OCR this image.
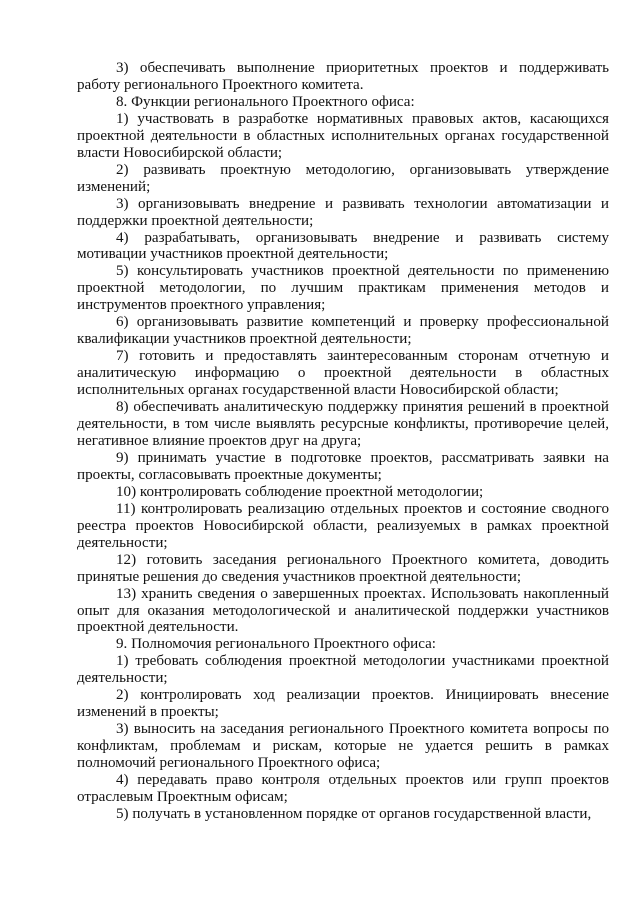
3) обеспечивать выполнение приоритетных проектов и поддерживать работу регионального Проектного комитета.

8. Функции регионального Проектного офиса:

1) участвовать в разработке нормативных правовых актов, касающихся проектной деятельности в областных исполнительных органах государственной власти Новосибирской области;

2) развивать проектную методологию, организовывать утверждение изменений;

3) организовывать внедрение и развивать технологии автоматизации и поддержки проектной деятельности;

4) разрабатывать, организовывать внедрение и развивать систему мотивации участников проектной деятельности;

5) консультировать участников проектной деятельности по применению проектной методологии, по лучшим практикам применения методов и инструментов проектного управления;

6) организовывать развитие компетенций и проверку профессиональной квалификации участников проектной деятельности;

7) готовить и предоставлять заинтересованным сторонам отчетную и аналитическую информацию о проектной деятельности в областных исполнительных органах государственной власти Новосибирской области;

8) обеспечивать аналитическую поддержку принятия решений в проектной деятельности, в том числе выявлять ресурсные конфликты, противоречие целей, негативное влияние проектов друг на друга;

9) принимать участие в подготовке проектов, рассматривать заявки на проекты, согласовывать проектные документы;

10) контролировать соблюдение проектной методологии;

11) контролировать реализацию отдельных проектов и состояние сводного реестра проектов Новосибирской области, реализуемых в рамках проектной деятельности;

12) готовить заседания регионального Проектного комитета, доводить принятые решения до сведения участников проектной деятельности;

13) хранить сведения о завершенных проектах. Использовать накопленный опыт для оказания методологической и аналитической поддержки участников проектной деятельности.

9. Полномочия регионального Проектного офиса:

1) требовать соблюдения проектной методологии участниками проектной деятельности;

2) контролировать ход реализации проектов. Инициировать внесение изменений в проекты;

3) выносить на заседания регионального Проектного комитета вопросы по конфликтам, проблемам и рискам, которые не удается решить в рамках полномочий регионального Проектного офиса;

4) передавать право контроля отдельных проектов или групп проектов отраслевым Проектным офисам;

5) получать в установленном порядке от органов государственной власти,
